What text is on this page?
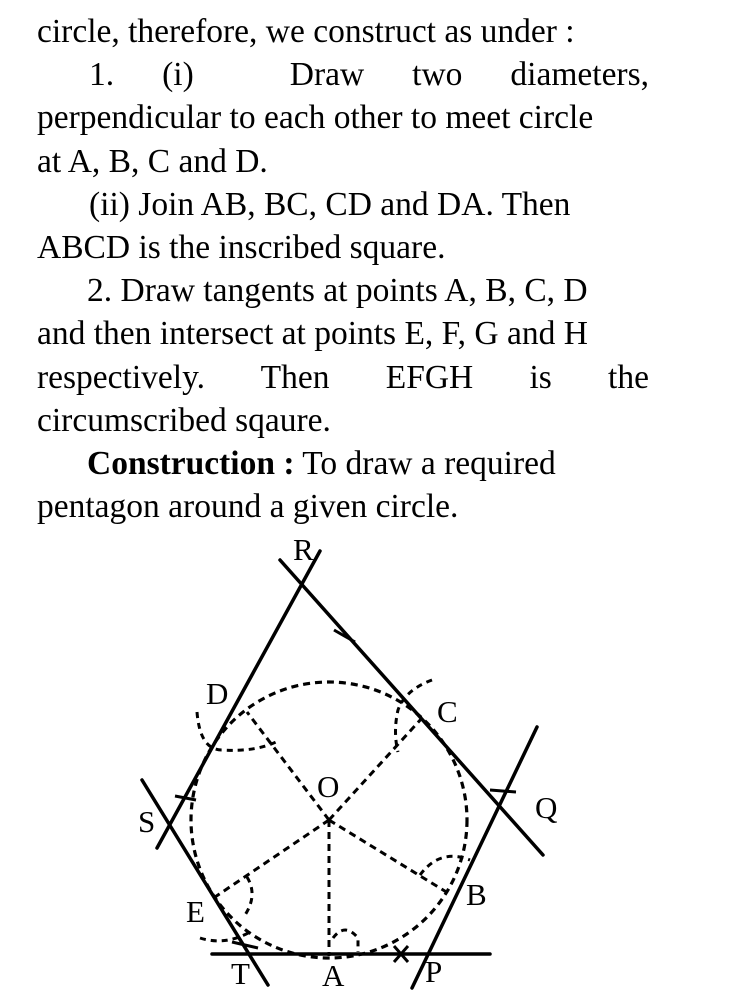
circle, therefore, we construct as under :
1. (i)	Draw two diameters,
perpendicular to each other to meet circle
at A, B, C and D.
(ii) Join AB, BC, CD and DA. Then
ABCD is the inscribed square.
2. Draw tangents at points A, B, C, D
and then intersect at points E, F, G and H
respectively. Then EFGH is the
circumscribed sqaure.
Construction : To draw a required
pentagon around a given circle.
R
C
D
O
S	Q
B
E
T A	P
